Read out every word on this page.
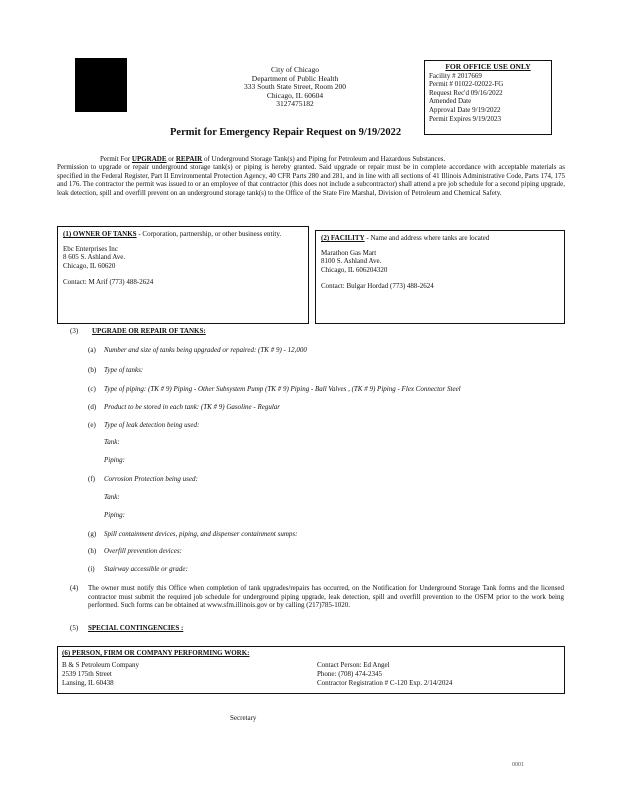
City of Chicago
Department of Public Health
333 South State Street, Room 200
Chicago, IL 60604
3127475182
FOR OFFICE USE ONLY
Facility # 2017669
Permit # 01022-02022-FG
Request Rec'd 09/16/2022
Amended Date
Approval Date 9/19/2022
Permit Expires 9/19/2023
Permit for Emergency Repair Request on 9/19/2022
Permit For UPGRADE or REPAIR of Underground Storage Tank(s) and Piping for Petroleum and Hazardous Substances.
Permission to upgrade or repair underground storage tank(s) or piping is hereby granted. Said upgrade or repair must be in complete accordance with acceptable materials as specified in the Federal Register, Part II Environmental Protection Agency, 40 CFR Parts 280 and 281, and in line with all sections of 41 Illinois Administrative Code, Parts 174, 175 and 176. The contractor the permit was issued to or an employee of that contractor (this does not include a subcontractor) shall attend a pre job schedule for a second piping upgrade, leak detection, spill and overfill prevent on an underground storage tank(s) to the Office of the State Fire Marshal, Division of Petroleum and Chemical Safety.
(1) OWNER OF TANKS - Corporation, partnership, or other business entity.
Ebc Enterprises Inc
8 605 S. Ashland Ave.
Chicago, IL 60620
Contact: M Arif (773) 488-2624
(2) FACILITY - Name and address where tanks are located
Marathon Gas Mart
8100 S. Ashland Ave.
Chicago, IL 606204320
Contact: Bulgar Hordad (773) 488-2624
(3) UPGRADE OR REPAIR OF TANKS:
(a) Number and size of tanks being upgraded or repaired: (TK # 9) - 12,000
(b) Type of tanks:
(c) Type of piping: (TK # 9) Piping - Other Subsystem Pump (TK # 9) Piping - Ball Valves , (TK # 9) Piping - Flex Connector Steel
(d) Product to be stored in each tank: (TK # 9) Gasoline - Regular
(e) Type of leak detection being used:
Tank:
Piping:
(f) Corrosion Protection being used:
Tank:
Piping:
(g) Spill containment devices, piping, and dispenser containment sumps:
(h) Overfill prevention devices:
(i) Stairway accessible or grade:
(4) The owner must notify this Office when completion of tank upgrades/repairs has occurred, on the Notification for Underground Storage Tank forms and the licensed contractor must submit the required job schedule for underground piping upgrade, leak detection, spill and overfill prevention to the OSFM prior to the work being performed. Such forms can be obtained at www.sfm.illinois.gov or by calling (217)785-1020.
(5) SPECIAL CONTINGENCIES :
(6) PERSON, FIRM OR COMPANY PERFORMING WORK:
B & S Petroleum Company
2539 175th Street
Lansing, IL 60438
Contact Person: Ed Angel
Phone: (708) 474-2345
Contractor Registration # C-120 Exp. 2/14/2024
Secretary
0001
